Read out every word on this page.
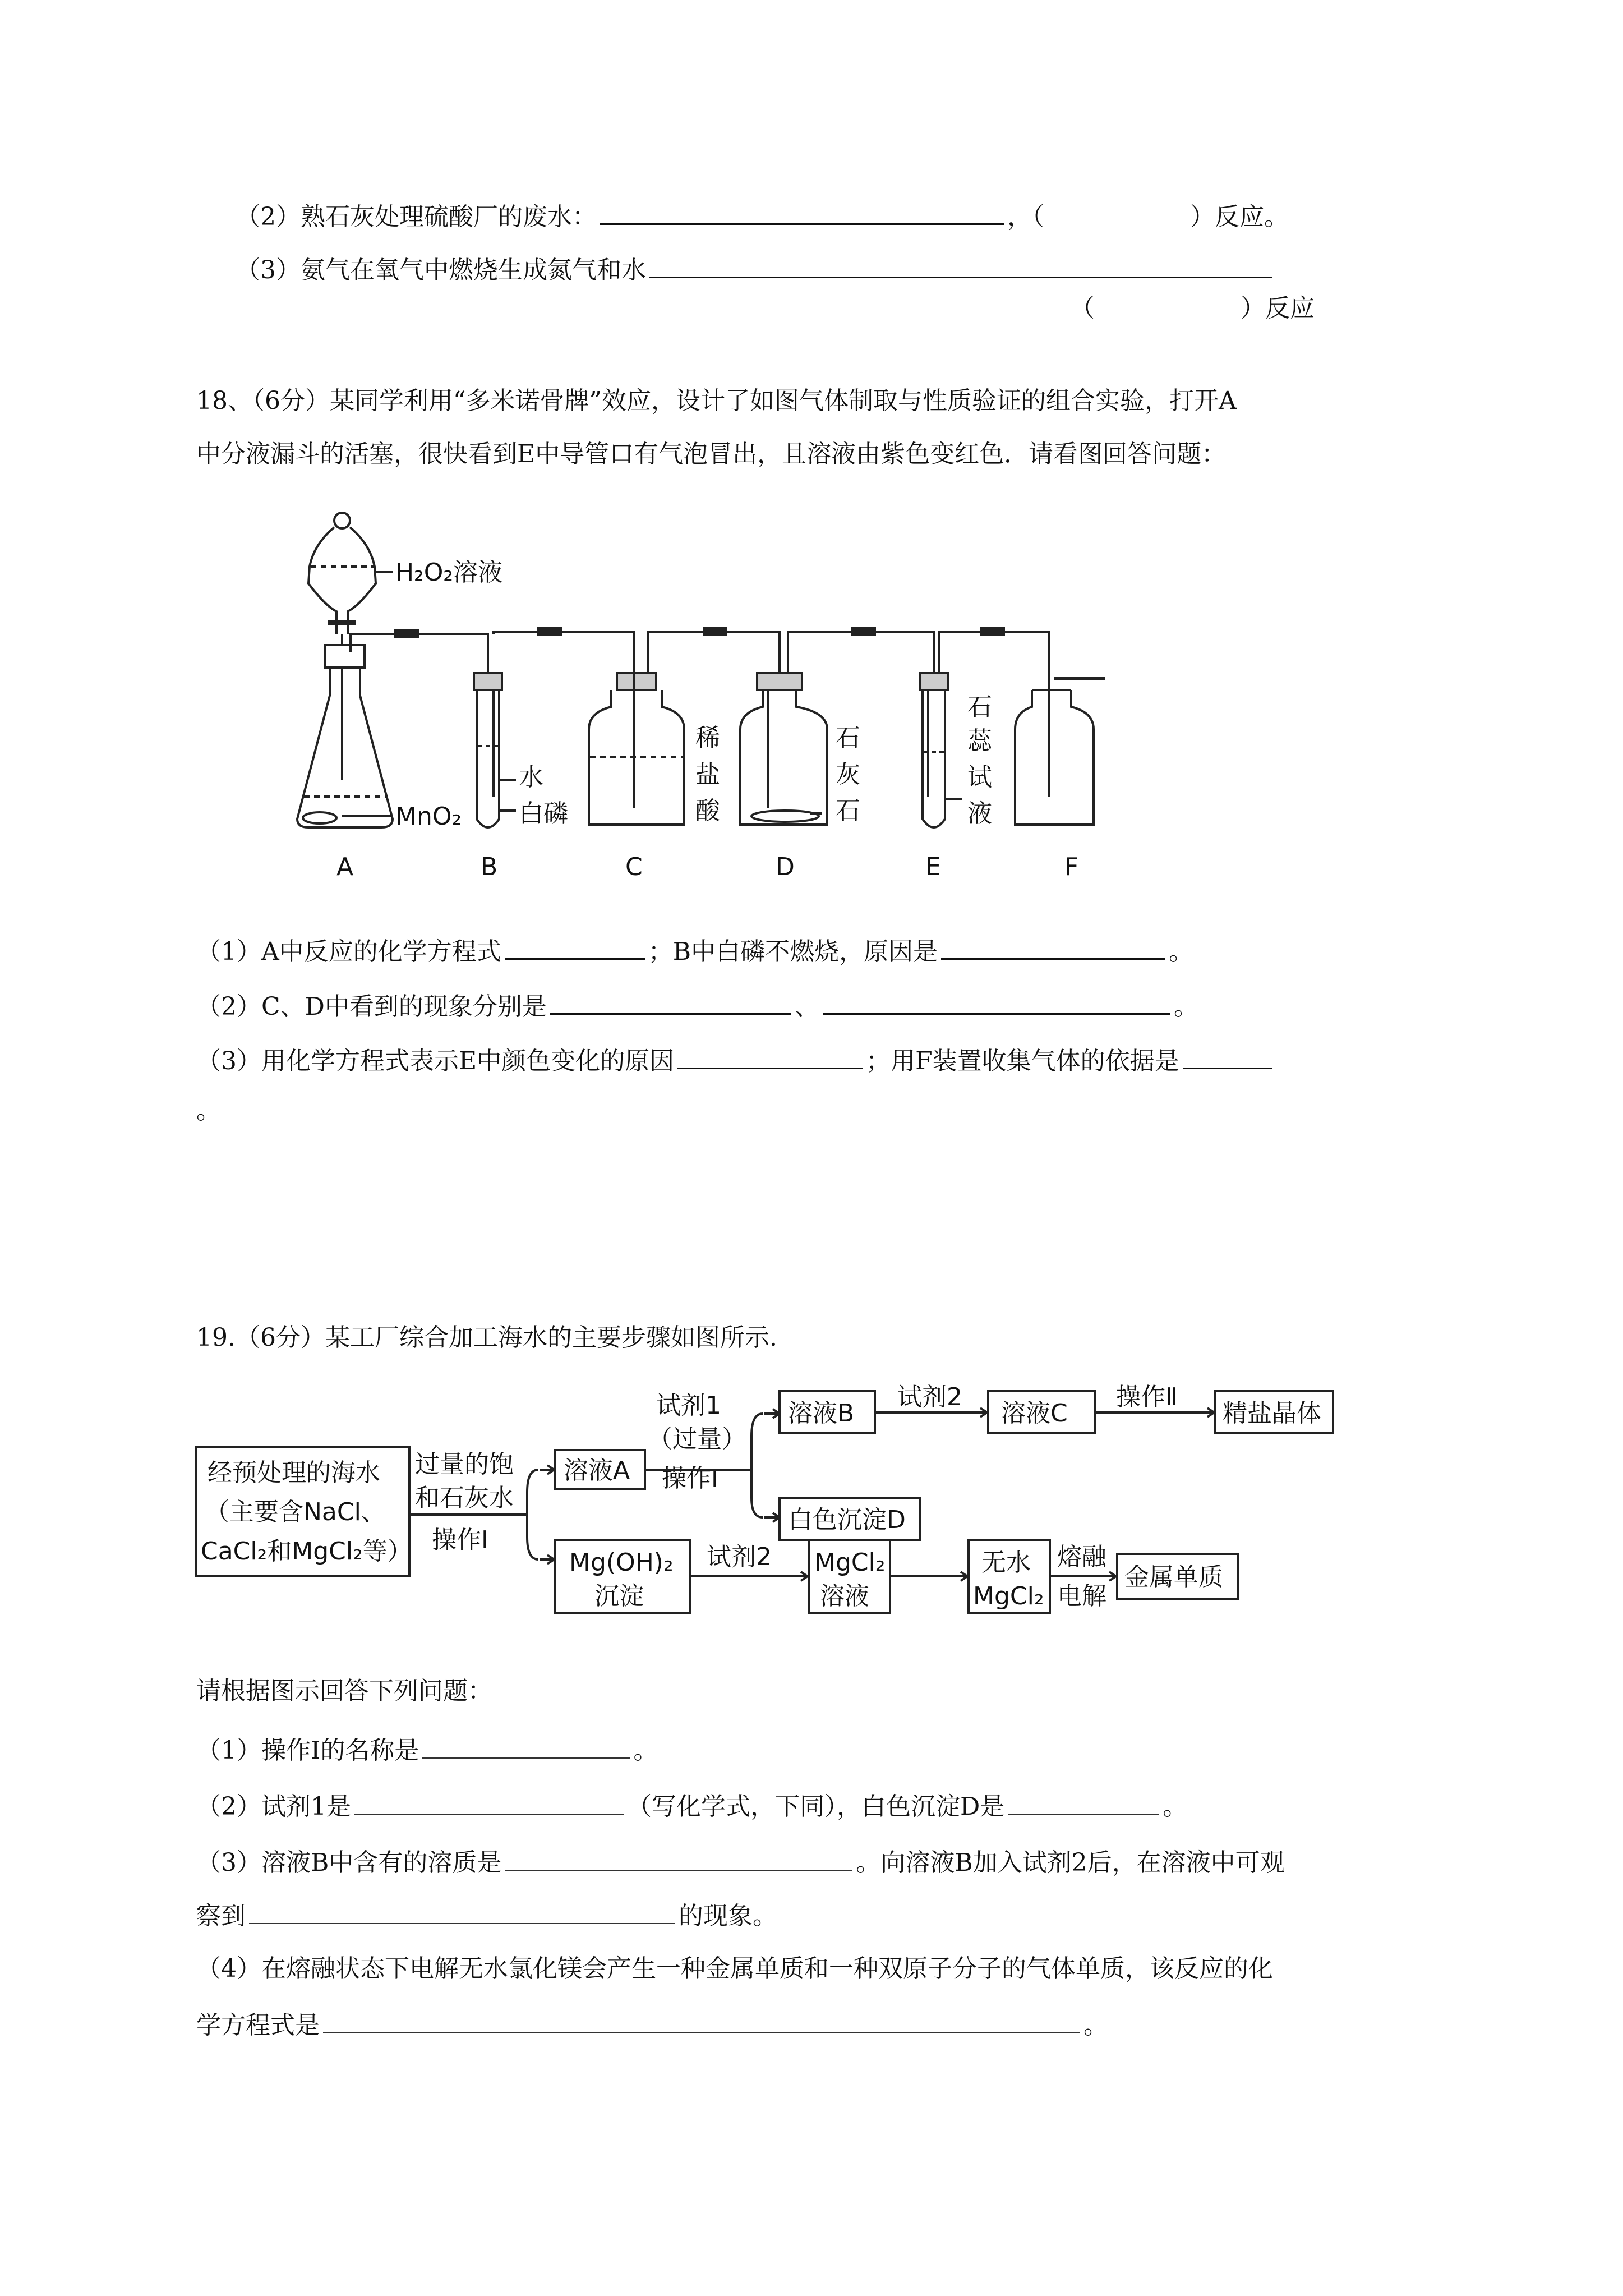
（2）熟石灰处理硫酸厂的废水：	，（	）反应。
（3）氨气在氧气中燃烧生成氮气和水
（	）反应
18、（6分）某同学利用“多米诺骨牌”效应，设计了如图气体制取与性质验证的组合实验，打开A
中分液漏斗的活塞，很快看到E中导管口有气泡冒出，且溶液由紫色变红色．请看图回答问题：
H₂O₂溶液
MnO₂
水
白磷
稀
盐
酸
石
灰
石
石
蕊
试
液
A	B	C	D	E	F
（1）A中反应的化学方程式	；B中白磷不燃烧，原因是	。
（2）C、D中看到的现象分别是	、	。
（3）用化学方程式表示E中颜色变化的原因	；用F装置收集气体的依据是
。
19.（6分）某工厂综合加工海水的主要步骤如图所示.
经预处理的海水
（主要含NaCl、
CaCl₂和MgCl₂等）
过量的饱
和石灰水
操作Ⅰ
溶液A
试剂1
（过量）
操作Ⅰ
溶液B
试剂2
溶液C
操作Ⅱ
精盐晶体
白色沉淀D
Mg(OH)₂
沉淀
试剂2 MgCl₂
溶液
无水
MgCl₂
熔融
电解
金属单质
请根据图示回答下列问题：
（1）操作Ⅰ的名称是	。
（2）试剂1是	（写化学式，下同），白色沉淀D是	。
（3）溶液B中含有的溶质是	。向溶液B加入试剂2后，在溶液中可观
察到	的现象。
（4）在熔融状态下电解无水氯化镁会产生一种金属单质和一种双原子分子的气体单质，该反应的化
学方程式是	。
